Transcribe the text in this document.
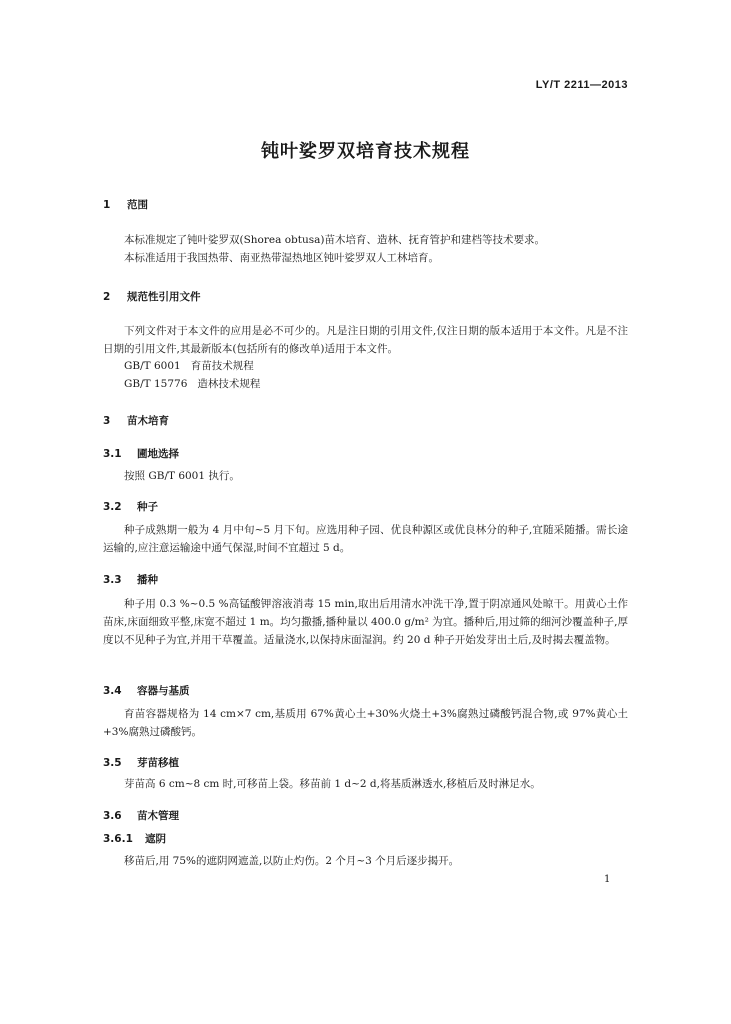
LY/T 2211—2013
钝叶娑罗双培育技术规程
1 范围
本标准规定了钝叶娑罗双(Shorea obtusa)苗木培育、造林、抚育管护和建档等技术要求。
本标准适用于我国热带、南亚热带湿热地区钝叶娑罗双人工林培育。
2 规范性引用文件
下列文件对于本文件的应用是必不可少的。凡是注日期的引用文件,仅注日期的版本适用于本文件。凡是不注日期的引用文件,其最新版本(包括所有的修改单)适用于本文件。
GB/T 6001 育苗技术规程
GB/T 15776 造林技术规程
3 苗木培育
3.1 圃地选择
按照 GB/T 6001 执行。
3.2 种子
种子成熟期一般为 4 月中旬~5 月下旬。应选用种子园、优良种源区或优良林分的种子,宜随采随播。需长途运输的,应注意运输途中通气保湿,时间不宜超过 5 d。
3.3 播种
种子用 0.3 %~0.5 %高锰酸钾溶液消毒 15 min,取出后用清水冲洗干净,置于阴凉通风处晾干。用黄心土作苗床,床面细致平整,床宽不超过 1 m。均匀撒播,播种量以 400.0 g/m² 为宜。播种后,用过筛的细河沙覆盖种子,厚度以不见种子为宜,并用干草覆盖。适量浇水,以保持床面湿润。约 20 d 种子开始发芽出土后,及时揭去覆盖物。
3.4 容器与基质
育苗容器规格为 14 cm×7 cm,基质用 67%黄心土+30%火烧土+3%腐熟过磷酸钙混合物,或 97%黄心土+3%腐熟过磷酸钙。
3.5 芽苗移植
芽苗高 6 cm~8 cm 时,可移苗上袋。移苗前 1 d~2 d,将基质淋透水,移植后及时淋足水。
3.6 苗木管理
3.6.1 遮阴
移苗后,用 75%的遮阴网遮盖,以防止灼伤。2 个月~3 个月后逐步揭开。
1
